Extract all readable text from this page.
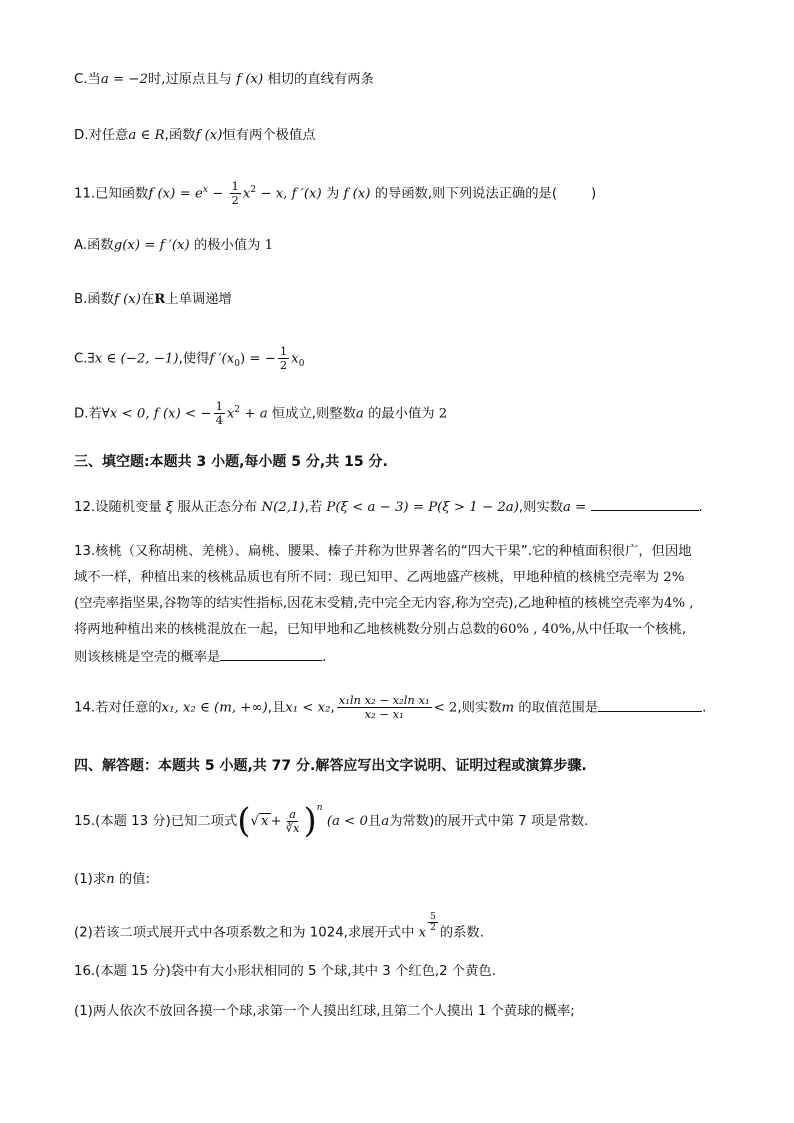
C.当a = −2时,过原点且与 f (x) 相切的直线有两条
D.对任意a ∈ R,函数f (x)恒有两个极值点
11.已知函数f $(x) = e^x - \frac{1}{2} x^2 - x$, f ′(x) 为 f (x) 的导函数,则下列说法正确的是(	)
A.函数g(x) = f ′(x) 的极小值为 1
B.函数f (x)在R上单调递增
C.∃x ∈ (−2, −1),使得f $'(x_0)$ = − $\frac{1}{2} x_0$
D.若∀x < 0, f (x) < − $\frac{1}{4} x^2 + a$ 恒成立,则整数a 的最小值为 2
三、填空题:本题共 3 小题,每小题 5 分,共 15 分.
12.设随机变量 ξ 服从正态分布 N(2,1),若 P(ξ < a − 3) = P(ξ > 1 − 2a),则实数a =	.
13.核桃（又称胡桃、羌桃）、扁桃、腰果、榛子并称为世界著名的“四大干果”.它的种植面积很广，但因地
域不一样，种植出来的核桃品质也有所不同：现已知甲、乙两地盛产核桃，甲地种植的核桃空壳率为 2%
(空壳率指坚果,谷物等的结实性指标,因花末受精,壳中完全无内容,称为空壳),乙地种植的核桃空壳率为4% ,
将两地种植出来的核桃混放在一起，已知甲地和乙地核桃数分别占总数的60% , 40%,从中任取一个核桃,
则该核桃是空壳的概率是	.
14.若对任意的x₁, x₂ ∈ (m, +∞),且x₁ < x₂, $\frac{\text{x₁ln x₂ − x₂ln x₁}}{\text{x₂ − x₁}} < 2$,则实数m 的取值范围是	.
四、解答题：本题共 5 小题,共 77 分.解答应写出文字说明、证明过程或演算步骤.
15.(本题 13 分)已知二项式(√ $x + \frac{a}{∛x} )^n$ (a < 0且a为常数)的展开式中第 7 项是常数.
(1)求n 的值:
(2)若该二项式展开式中各项系数之和为 1024,求展开式中 x $\frac{5}{2}$ 的系数.
16.(本题 15 分)袋中有大小形状相同的 5 个球,其中 3 个红色,2 个黄色.
(1)两人依次不放回各摸一个球,求第一个人摸出红球,且第二个人摸出 1 个黄球的概率;
